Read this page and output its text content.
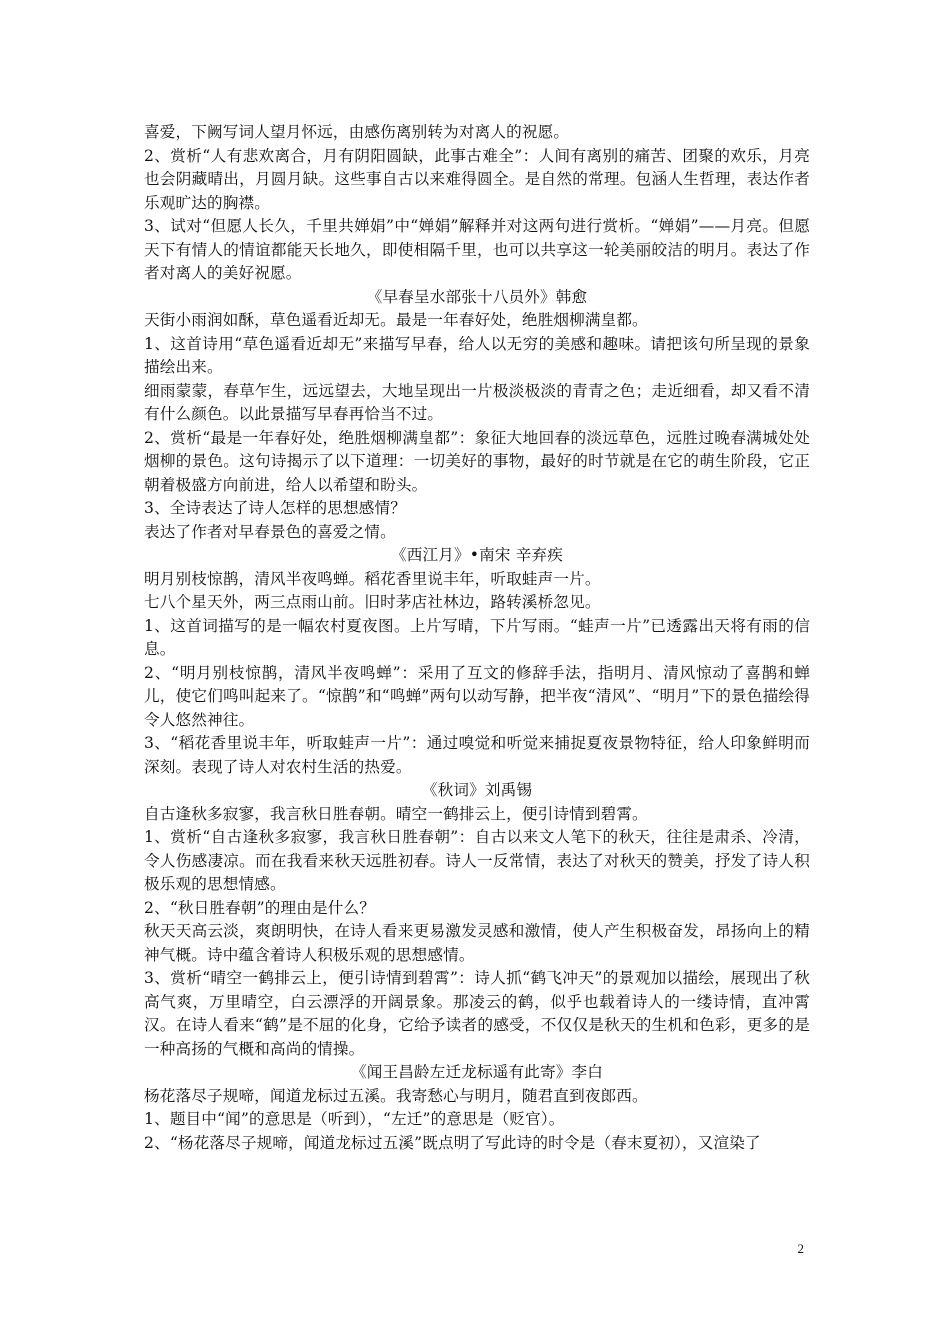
喜爱，下阙写词人望月怀远，由感伤离别转为对离人的祝愿。

2、赏析“人有悲欢离合，月有阴阳圆缺，此事古难全”：人间有离别的痛苦、团聚的欢乐，月亮也会阴藏晴出，月圆月缺。这些事自古以来难得圆全。是自然的常理。包涵人生哲理，表达作者乐观旷达的胸襟。

3、试对“但愿人长久，千里共婵娟”中“婵娟”解释并对这两句进行赏析。“婵娟”——月亮。但愿天下有情人的情谊都能天长地久，即使相隔千里，也可以共享这一轮美丽皎洁的明月。表达了作者对离人的美好祝愿。

《早春呈水部张十八员外》韩愈

天街小雨润如酥，草色遥看近却无。最是一年春好处，绝胜烟柳满皇都。

1、这首诗用“草色遥看近却无”来描写早春，给人以无穷的美感和趣味。请把该句所呈现的景象描绘出来。

细雨蒙蒙，春草乍生，远远望去，大地呈现出一片极淡极淡的青青之色；走近细看，却又看不清有什么颜色。以此景描写早春再恰当不过。

2、赏析“最是一年春好处，绝胜烟柳满皇都”：象征大地回春的淡远草色，远胜过晚春满城处处烟柳的景色。这句诗揭示了以下道理：一切美好的事物，最好的时节就是在它的萌生阶段，它正朝着极盛方向前进，给人以希望和盼头。

3、全诗表达了诗人怎样的思想感情？

表达了作者对早春景色的喜爱之情。

《西江月》•南宋 辛弃疾

明月别枝惊鹊，清风半夜鸣蝉。稻花香里说丰年，听取蛙声一片。

七八个星天外，两三点雨山前。旧时茅店社林边，路转溪桥忽见。

1、这首词描写的是一幅农村夏夜图。上片写晴，下片写雨。“蛙声一片”已透露出天将有雨的信息。

2、“明月别枝惊鹊，清风半夜鸣蝉”：采用了互文的修辞手法，指明月、清风惊动了喜鹊和蝉儿，使它们鸣叫起来了。“惊鹊”和“鸣蝉”两句以动写静，把半夜“清风”、“明月”下的景色描绘得令人悠然神往。

3、“稻花香里说丰年，听取蛙声一片”：通过嗅觉和听觉来捕捉夏夜景物特征，给人印象鲜明而深刻。表现了诗人对农村生活的热爱。

《秋词》刘禹锡

自古逢秋多寂寥，我言秋日胜春朝。晴空一鹤排云上，便引诗情到碧霄。

1、赏析“自古逢秋多寂寥，我言秋日胜春朝”：自古以来文人笔下的秋天，往往是肃杀、冷清，令人伤感凄凉。而在我看来秋天远胜初春。诗人一反常情，表达了对秋天的赞美，抒发了诗人积极乐观的思想情感。

2、“秋日胜春朝”的理由是什么？

秋天天高云淡，爽朗明快，在诗人看来更易激发灵感和激情，使人产生积极奋发，昂扬向上的精神气概。诗中蕴含着诗人积极乐观的思想感情。

3、赏析“晴空一鹤排云上，便引诗情到碧霄”：诗人抓“鹤飞冲天”的景观加以描绘，展现出了秋高气爽，万里晴空，白云漂浮的开阔景象。那凌云的鹤，似乎也载着诗人的一缕诗情，直冲霄汉。在诗人看来“鹤”是不屈的化身，它给予读者的感受，不仅仅是秋天的生机和色彩，更多的是一种高扬的气概和高尚的情操。

《闻王昌龄左迁龙标遥有此寄》李白

杨花落尽子规啼，闻道龙标过五溪。我寄愁心与明月，随君直到夜郎西。

1、题目中“闻”的意思是（听到），“左迁”的意思是（贬官）。

2、“杨花落尽子规啼，闻道龙标过五溪”既点明了写此诗的时令是（春末夏初），又渲染了

2
